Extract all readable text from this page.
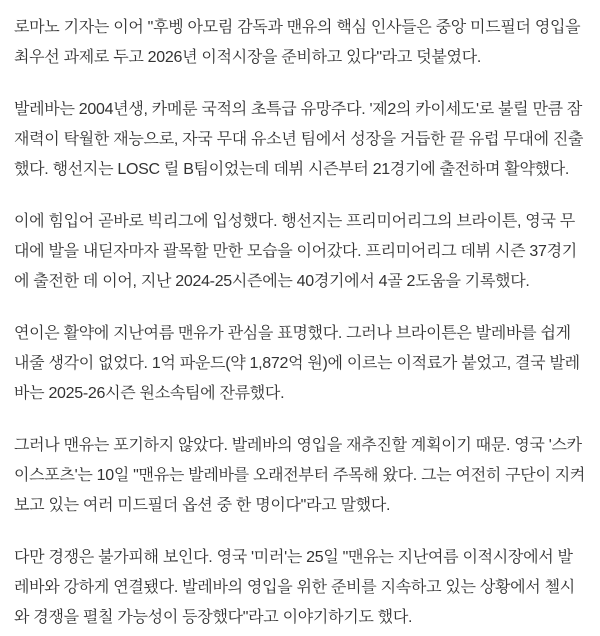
로마노 기자는 이어 "후벵 아모림 감독과 맨유의 핵심 인사들은 중앙 미드필더 영입을 최우선 과제로 두고 2026년 이적시장을 준비하고 있다"라고 덧붙였다.

발레바는 2004년생, 카메룬 국적의 초특급 유망주다. '제2의 카이세도'로 불릴 만큼 잠재력이 탁월한 재능으로, 자국 무대 유소년 팀에서 성장을 거듭한 끝 유럽 무대에 진출했다. 행선지는 LOSC 릴 B팀이었는데 데뷔 시즌부터 21경기에 출전하며 활약했다.

이에 힘입어 곧바로 빅리그에 입성했다. 행선지는 프리미어리그의 브라이튼, 영국 무대에 발을 내딛자마자 괄목할 만한 모습을 이어갔다. 프리미어리그 데뷔 시즌 37경기에 출전한 데 이어, 지난 2024-25시즌에는 40경기에서 4골 2도움을 기록했다.

연이은 활약에 지난여름 맨유가 관심을 표명했다. 그러나 브라이튼은 발레바를 쉽게 내줄 생각이 없었다. 1억 파운드(약 1,872억 원)에 이르는 이적료가 붙었고, 결국 발레바는 2025-26시즌 원소속팀에 잔류했다.

그러나 맨유는 포기하지 않았다. 발레바의 영입을 재추진할 계획이기 때문. 영국 '스카이스포츠'는 10일 "맨유는 발레바를 오래전부터 주목해 왔다. 그는 여전히 구단이 지켜보고 있는 여러 미드필더 옵션 중 한 명이다"라고 말했다.

다만 경쟁은 불가피해 보인다. 영국 '미러'는 25일 "맨유는 지난여름 이적시장에서 발레바와 강하게 연결됐다. 발레바의 영입을 위한 준비를 지속하고 있는 상황에서 첼시와 경쟁을 펼칠 가능성이 등장했다"라고 이야기하기도 했다.
